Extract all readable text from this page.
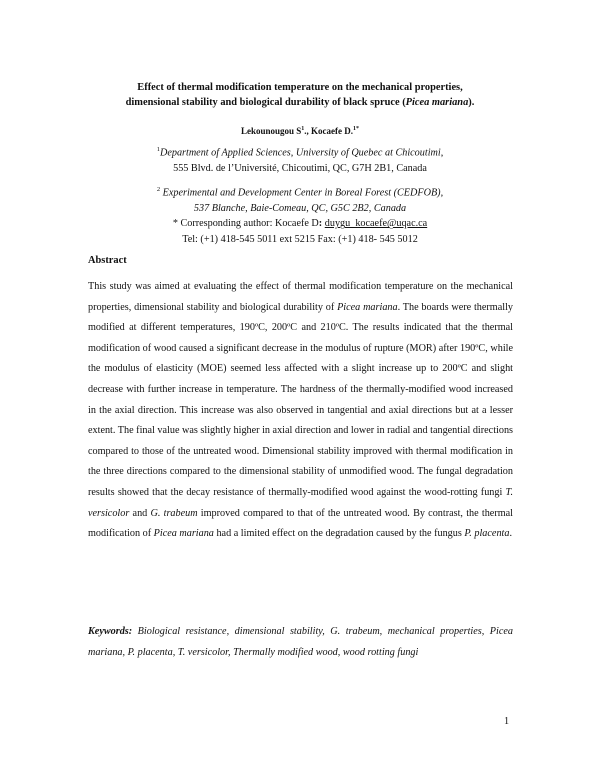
Effect of thermal modification temperature on the mechanical properties,
dimensional stability and biological durability of black spruce (Picea mariana).
Lekounougou $S^1$., Kocaefe D.$^{1*}$
$^1$Department of Applied Sciences, University of Quebec at Chicoutimi,
555 Blvd. de l’Université, Chicoutimi, QC, G7H 2B1, Canada
$^2$ Experimental and Development Center in Boreal Forest (CEDFOB),
537 Blanche, Baie-Comeau, QC, G5C 2B2, Canada
* Corresponding author: Kocaefe D: duygu_kocaefe@uqac.ca
Tel: (+1) 418-545 5011 ext 5215 Fax: (+1) 418- 545 5012
Abstract

This study was aimed at evaluating the effect of thermal modification temperature on the mechanical properties, dimensional stability and biological durability of Picea mariana. The boards were thermally modified at different temperatures, 190ºC, 200ºC and 210ºC. The results indicated that the thermal modification of wood caused a significant decrease in the modulus of rupture (MOR) after 190ºC, while the modulus of elasticity (MOE) seemed less affected with a slight increase up to 200ºC and slight decrease with further increase in temperature. The hardness of the thermally-modified wood increased in the axial direction. This increase was also observed in tangential and axial directions but at a lesser extent. The final value was slightly higher in axial direction and lower in radial and tangential directions compared to those of the untreated wood. Dimensional stability improved with thermal modification in the three directions compared to the dimensional stability of unmodified wood. The fungal degradation results showed that the decay resistance of thermally-modified wood against the wood-rotting fungi T. versicolor and G. trabeum improved compared to that of the untreated wood. By contrast, the thermal modification of Picea mariana had a limited effect on the degradation caused by the fungus P. placenta.

Keywords: Biological resistance, dimensional stability, G. trabeum, mechanical properties, Picea mariana, P. placenta, T. versicolor, Thermally modified wood, wood rotting fungi

1
